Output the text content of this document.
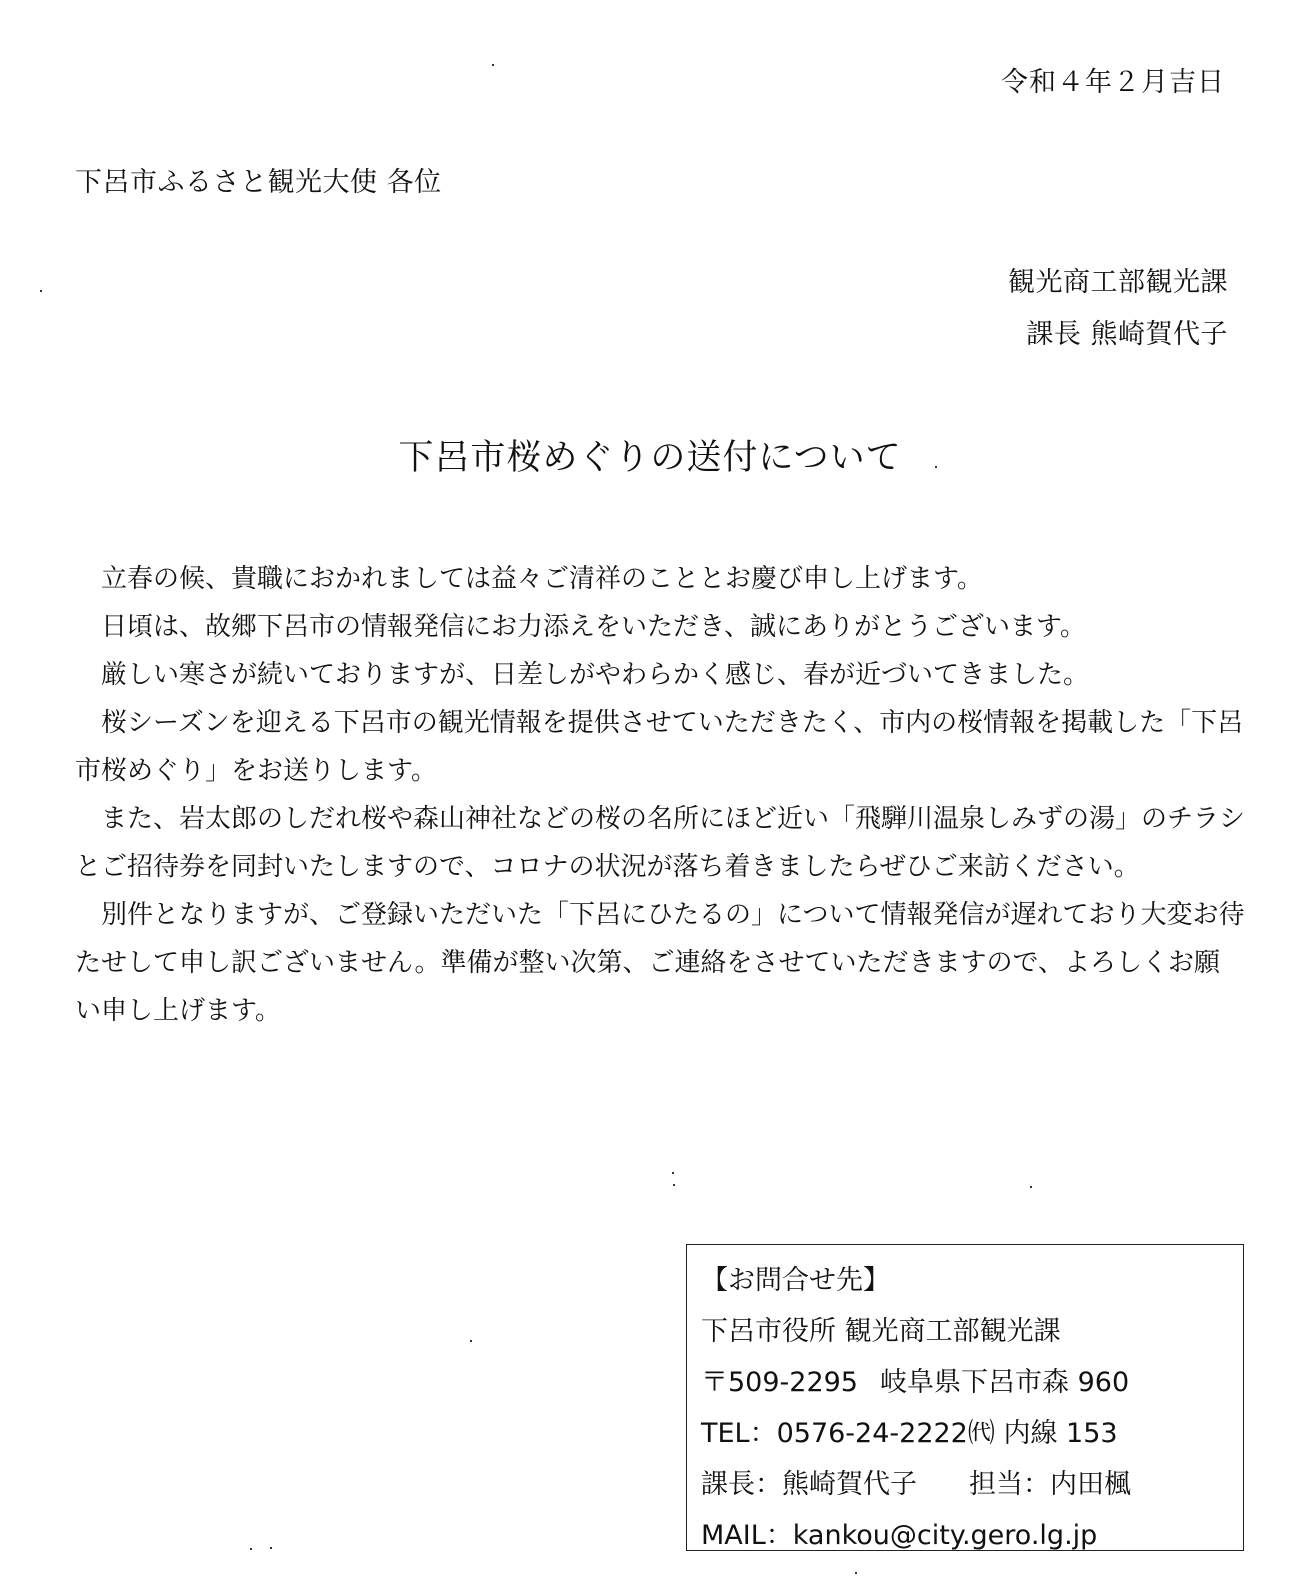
令和４年２月吉日
下呂市ふるさと観光大使 各位
観光商工部観光課
課長 熊崎賀代子
下呂市桜めぐりの送付について

立春の候、貴職におかれましては益々ご清祥のこととお慶び申し上げます。

日頃は、故郷下呂市の情報発信にお力添えをいただき、誠にありがとうございます。

厳しい寒さが続いておりますが、日差しがやわらかく感じ、春が近づいてきました。

桜シーズンを迎える下呂市の観光情報を提供させていただきたく、市内の桜情報を掲載した「下呂市桜めぐり」をお送りします。

また、岩太郎のしだれ桜や森山神社などの桜の名所にほど近い「飛騨川温泉しみずの湯」のチラシとご招待券を同封いたしますので、コロナの状況が落ち着きましたらぜひご来訪ください。

別件となりますが、ご登録いただいた「下呂にひたるの」について情報発信が遅れており大変お待たせして申し訳ございません。準備が整い次第、ご連絡をさせていただきますので、よろしくお願い申し上げます。

【お問合せ先】
下呂市役所 観光商工部観光課
〒509-2295 岐阜県下呂市森 960
TEL：0576-24-2222㈹ 内線 153
課長：熊崎賀代子 担当：内田楓
MAIL：kankou@city.gero.lg.jp
